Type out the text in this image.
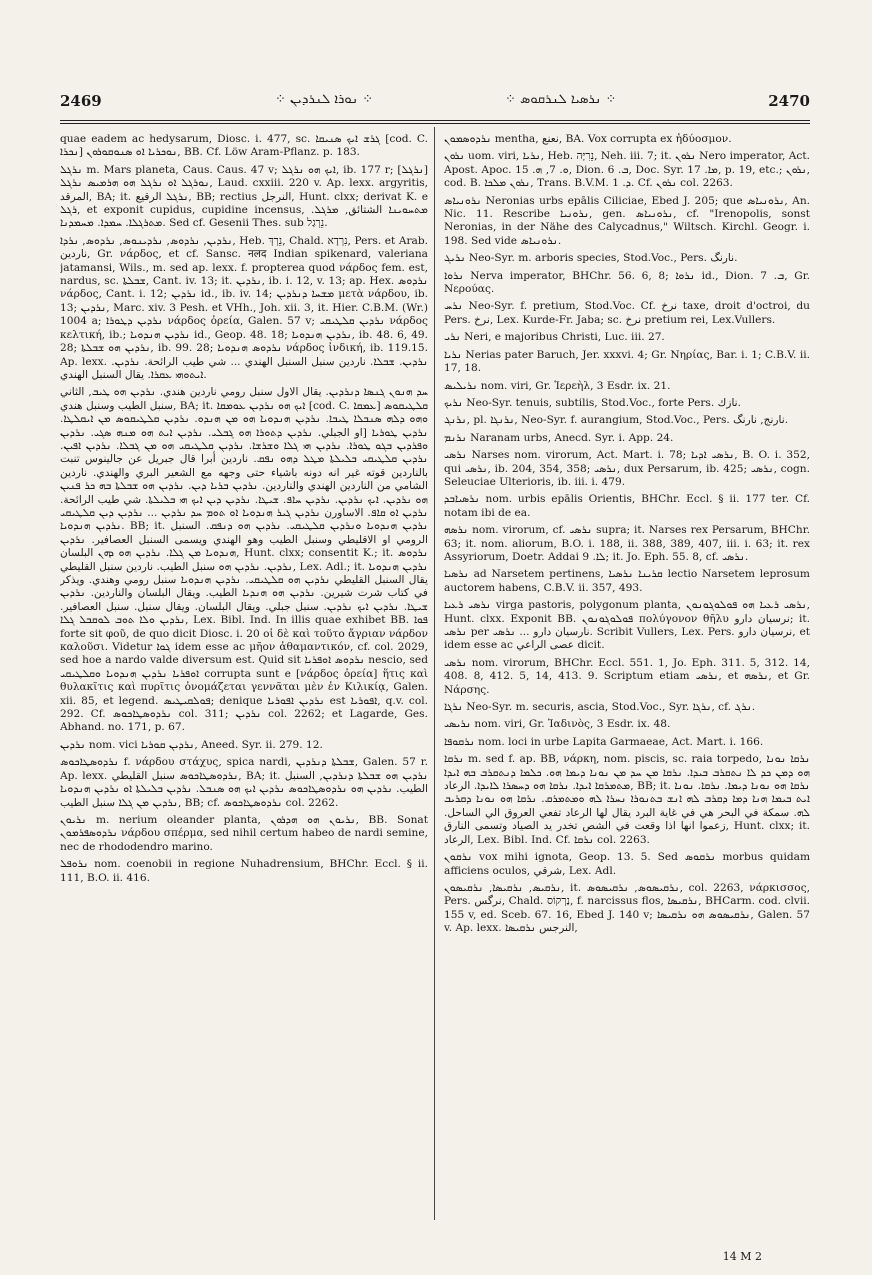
2469	⁘ ܢܘܪܐ ܠܢܪܕܝܢ ⁘	⁘ ܢܪܣܝܐ ܠܢܪܩܘܣ ⁘	2470

quae eadem ac hedysarum, Diosc. i. 477, sc. ܓܪܫ ܐܝܟ ܣܢܝܩܐ [cod. C. ܢܟܪܐ] ܢܘܟܪܝܐ ܐܘ ܣܢܘܩܘܪܘܢ, BB. Cf. Löw Aram-Pflanz. p. 183.

ܢܪܓܠ m. Mars planeta, Caus. Caus. 47 v; ܐܝܟ ܗܘ ܢܪܓܠ, ib. 177 r; [ܢܪܓܠ] ܢܘܪܓܠ ܐܘ ܢܪܓܠ ܗܘ ܗܪܡܝܣ ܢܪܓܠ, Laud. cxxiii. 220 v. Ap. lexx. argyritis, المرقد, BA; it. ܢܪܓܠ الرقيع, BB; rectius النرجل, Hunt. clxx; derivat K. e ܪܓܠ, et exponit cupidus, cupidine incensus, ܡܬܚܘܝܢܐ الشتائق, ܡܪܓܠ. ܡܬܪܓܠܐ. ܚܡܕܐ. ܡܚܡܕܢܐ. Sed cf. Gesenii Thes. sub נֵרְגַל.

ܢܪܕܝܢ, ܢܪܕܘܣ, ܢܪܕܝܢܘܣ, ܢܪܕܘܣ, ܢܪܕܐ, Heb. נֵרְדְּ, Chald. נִרְדָא, Pers. et Arab. ناردين, Gr. νάρδος, et cf. Sansc. नलद Indian spikenard, valeriana jatamansi, Wils., m. sed ap. lexx. f. propterea quod νάρδος fem. est, nardus, sc. ܫܒܠܬܐ, Cant. iv. 13; it. ܢܪܕܝܢ, ib. i. 12, v. 13; ap. Hex. ܢܪܕܘܣ νάρδος, Cant. i. 12; ܢܪܕܝܢ id., ib. iv. 14; ܡܫܚܐ ܕܢܪܕܝܢ μετὰ νάρδου, ib. 13; ܢܪܕܝܢ, Marc. xiv. 3 Pesh. et VHh., Joh. xii. 3, it. Hier. C.B.M. (Wr.) 1004 a; ܢܪܕܝܢ ܕܛܘܪܐ νάρδος ὀρεία, Galen. 57 v; ܢܪܕܝܢ ܩܠܛܝܩܝ νάρδος κελτική, ib.; ܢܪܕܝܢ ܗܢܕܘܝܐ id., Geop. 48. 18; ܢܪܕܝܢ ܗܢܕܘܝܐ, ib. 48. 6, 49. 28; ܢܪܕܝܢ ܗܘ ܫܒܠܬܐ, ib. 99. 28; ܢܪܕܘܣ ܗܢܕܘܝܐ νάρδος ἰνδική, ib. 119.15. Ap. lexx. ܢܪܕܝܢ. ܫܒܠܐ. ناردين سنبل السنبل الهندي ... شي طيب الرائحة. ܢܪܕܝܢ. ܐܝܬܘܗܝ ܥܩܪܐ. يقال السنبل الهندي.

ܚܕ ܗܢܘܢ ܓܢܣܐ ܕܢܪܕܝܢ. يقال الاول سنبل رومي ناردين هندي. ܢܪܕܝܢ ܗܘ ܛܝܒ, الثاني سنبل الطيب وسنبل هندي, BA; it. ܐܝܟ ܗܘ ܢܪܕܝܢ ܥܘܡܩܐ [cod. C. ܥܡܩܐ] ܩܠܛܝܩܘܣ ܘܗܘ ܕܠܗ ܣܢܒܠܐ ܛܝܒܐ. ܢܪܕܝܢ ܗܢܕܘܝܐ ܗܘ ܡܢ ܗܢܕܘ. ܢܪܕܝܢ ܩܠܛܝܩܘܣ ܡܢ ܐܝܩܠܛܐ. ܢܪܕܝܢ ܛܘܪܝܐ [او الجبلي. ܢܪܕܝܢ ܕܬܘܪܐ ܗܘ ܓܒܠܝ. ܢܪܕܝܢ ܐܝܬ ܗܘ ܡܢܗ ܣܓܝ. ܢܪܕܝܢ ܘܦܪܕܝܢ ܒܓܘ ܛܘܪܐ. ܢܪܕܝܢ ܗܝ ܓܠܐ ܘܫܪܫܐ. ܢܪܕܝܢ ܩܠܛܝܩܝ ܗܘ ܡܢ ܓܒܠܐ. ܢܪܕܝܢ ܐܦܝܢ. ܢܪܕܝܢ ܩܠܛܝܩܝ ܒܠܝܠܬܐ ܡܛܠ ܕܗܘ ܢܦܩ. ناردين أبرا قال جبريل عن جالينوس تنبت بالناردين قوته غير انه دونه باشياء حتى وجهه مع الشعير البري والهندي. ناردين الشامي من الناردين الهندي والناردين. ܢܪܕܝܢ ܒܪܝܐ ܕܝܢ. ܢܪܕܝܢ ܗܘ ܫܒܠܬܐ ܒܗ ܟܪ ܦܢܝܢ ܗܘ ܢܪܕܝܢ. ܐܝܟ ܢܪܕܝܢ. ܢܪܕܝܢ ܚܐܦ. ܫܝܛܐ. ܢܪܕܝܢ ܕܝܢ ܐܝܟ ܗܝ ܒܠܝܠܬܐ. شي طيب الرائحة. ܢܪܕܝܢ ܐܘ ܩܐܦ. الاساورن ܢܪܕܝܢ ܓܝܪ ܗܢܕܘܝܐ ܐܘ ܬܘܡ ܚܕ ܢܪܕܝܢ ... ܢܪܕܝܢ ܕܝܢ ܩܠܛܝܩܝ ܢܪܕܝܢ ܗܢܕܘܝܐ. BB; it. ܢܪܕܝܢ ܗܢܕܘܝܐ ܘܢܪܕܝܢ ܩܠܛܝܩܝ. ܢܪܕܝܢ ܗܘ ܕܢܦܩ. السنبل الرومي او الاقليطي وسنبل الطيب وهو الهندي ويسمى السنبل العصافير. ܢܪܕܝܢ ܗܢܕܘܝܐ ܡܢ ܓܠܐ. ܢܪܕܝܢ ܗܘ ܕܗܢ البلسان, Hunt. clxx; consentit K.; it. ܢܪܕܘܣ ܢܪܕܝܢ. ܢܪܕܝܢ ܗܘ سنبل الطيب. ناردين سنبل القليطي, Lex. Adl.; it. ܢܪܕܝܢ ܗܢܕܘܝܐ يقال السنبل القليطي ܢܪܕܝܢ ܗܘ ܩܠܛܝܩܝ. ܢܪܕܝܢ ܗܢܕܘܝܐ سنبل رومي وهندي. ويذكر في كتاب شرت شيرين. ܢܪܕܝܢ ܗܘ ܗܢܕܝܐ الطيب. ويقال البلسان والناردين. ܢܪܕܝܢ ܫܝܛܐ. ܢܪܕܝܢ ܐܝܟ ܢܪܕܝܢ. سنبل جبلي. ويقال البلسان. ويقال سنبل. سنبل العصافير. ܢܪܕܝܢ ܘܠܐ ܬܘܒ ܠܘܩܒܠ ܓܠܐ, Lex. Bibl. Ind. In illis quae exhibet BB. ܦܘܐ forte sit φοῦ, de quo dicit Diosc. i. 20 οἱ δὲ καὶ τοῦτο ἄγριαν νάρδον καλοῦσι. Videtur ܓܘܐ idem esse ac μῆον ἀθαμαντικόν, cf. col. 2029, sed hoe a nardo valde diversum est. Quid sit ܢܪܕܘܣ ܐܘܦܪܝܐ nescio, sed ܐܘܦܪܝܐ ܢܪܕܝܢ ܗܢܕܘܝܐ ܘܩܠܛܝܩܝ corrupta sunt e [νάρδος ὀρεία] ἥτις καὶ θυλακῖτις καὶ πυρῖτις ὀνομάζεται γεννᾶται μὲν ἐν Κιλικίᾳ, Galen. xii. 85, et legend. ܦܘܠܩܝܛܝܣ; denique ܢܪܕܝܢ ܐܦܘܪܝܐ est ܐܦܘܪܝܐ, q.v. col. 292. Cf. ܢܪܕܘܣܛܐܟܘܣ col. 311; ܢܪܕܝܢ col. 2262; et Lagarde, Ges. Abhand. no. 171, p. 67.

ܢܪܕܝܢ nom. vici ܢܪܕܝܢ ܩܘܪܝܐ, Aneed. Syr. ii. 279. 12.

ܢܪܕܘܣܛܐܟܘܣ f. νάρδου στάχυς, spica nardi, ܫܒܠܬܐ ܕܢܪܕܝܢ, Galen. 57 r. Ap. lexx. ܢܪܕܘܣܛܐܟܘܣ سنبل القليطي, BA; it. ܢܪܕܝܢ ܗܘ ܫܒܠܬܐ ܕܢܪܕܝܢ, السنبل الطيب. ܢܪܕܝܢ ܗܘ ܢܪܕܘܣܛܐܟܘܣ ܢܪܕܝܢ ܐܝܟ ܗܘ ܣܢܒܠ. ܢܪܕܝܢ ܒܠܝܠܬܐ ܐܘ ܢܪܕܝܢ ܗܢܕܘܝܐ ܢܪܕܝܢ ܡܢ ܓܠܐ سنبل الطيب, BB; cf. ܢܪܕܘܣܛܐܟܘܣ col. 2262.

ܢܪܝܘܢ m. nerium oleander planta, ܢܪܝܘܢ ܗܘ ܗܕܪܘܢ, BB. Sonat ܢܪܕܘܣܦܪܡܘܢ νάρδου σπέρμα, sed nihil certum habeo de nardi semine, nec de rhododendro marino.

ܢܪܘܦܠ nom. coenobii in regione Nuhadrensium, BHChr. Eccl. § ii. 111, B.O. ii. 416.

ܢܪܕܘܣܡܘܢ mentha, نعنع, BA. Vox corrupta ex ἡδύοσμον.

ܢܪܘܢ uom. viri, ܢܪܝܐ, Heb. נֵרִיָּה, Neh. iii. 7; it. ܢܪܘܢ Nero imperator, Act. Apost. Apoc. ܘ. 7, ܗ. 15, Dion. ܒ. 6, Doc. Syr. ܡܐ. 17, p. 19, etc.; ܢܪܘܢ, cod. B. ܢܪܘܢ ܡܠܟܐ, Trans. B.V.M. ܕ. 1. Cf. ܢܪܘܢ col. 2263.

ܢܪܘܢܝܐܣ Neronias urbs epālis Ciliciae, Ebed J. 205; que ܢܪܘܢܝܐܣ, An. Nic. 11. Rescribe ܢܪܘܢܝܐ, gen. ܢܪܘܢܝܐܣ, cf. "Irenopolis, sonst Neronias, in der Nähe des Calycadnus," Wiltsch. Kirchl. Geogr. i. 198. Sed vide ܢܪܘܢܝܐܣ.

ܢܪܝܓ Neo-Syr. m. arboris species, Stod.Voc., Pers. نارنگ.

ܢܪܘܐ Nerva imperator, BHChr. 56. 6, 8; ܢܪܘܐ id., Dion. ܒ. 7, Gr. Νερούας.

ܢܪܚ Neo-Syr. f. pretium, Stod.Voc. Cf. نرخ taxe, droit d'octroi, du Pers. نرخ, Lex. Kurde-Fr. Jaba; sc. نرخ pretium rei, Lex.Vullers.

ܢܪܝ Neri, e majoribus Christi, Luc. iii. 27.

ܢܪܝܐ Nerias pater Baruch, Jer. xxxvi. 4; Gr. Νηρίας, Bar. i. 1; C.B.V. ii. 17, 18.

ܢܪܝܠܝܣ nom. viri, Gr. Ἱερεὴλ, 3 Esdr. ix. 21.

ܢܪܝܟ Neo-Syr. tenuis, subtilis, Stod.Voc., forte Pers. نازك.

ܢܪܢܓ, pl. ܢܪܢܓܐ, Neo-Syr. f. aurangium, Stod.Voc., Pers. نارنج, نارنگ.

ܢܪܢܡ Naranam urbs, Anecd. Syr. i. App. 24.

ܢܪܣܝ Narses nom. virorum, Act. Mart. i. 78; ܢܪܣܝ ܐܕܝܐ, B. O. i. 352, qui ܢܪܣܝ, ib. 204, 354, 358; ܢܪܣܝ, dux Persarum, ib. 425; ܢܪܣܝ, cogn. Seleuciae Ulterioris, ib. iii. i. 479.

ܢܪܣܝܐܒܕ nom. urbis epālis Orientis, BHChr. Eccl. § ii. 177 ter. Cf. notam ibi de ea.

ܢܪܣܗ nom. virorum, cf. ܢܪܣܝ supra; it. Narses rex Persarum, BHChr. 63; it. nom. aliorum, B.O. i. 188, ii. 388, 389, 407, iii. i. 63; it. rex Assyriorum, Doetr. Addai ܠܐ. 9; it. Jo. Eph. 55. 8, cf. ܢܪܣܝ.

ܢܪܣܝܐ ad Narsetem pertinens, ܩܪܝܢܐ ܢܪܣܝܐ lectio Narsetem leprosum auctorem habens, C.B.V. ii. 357, 493.

ܢܪܣܝ ܪܥܝܐ virga pastoris, polygonum planta, ܢܪܣܝ ܪܥܝܐ ܗܘ ܦܘܠܘܓܘܢܘܢ, Hunt. clxx. Exponit BB. ܦܘܠܘܓܘܢܘܢ πολύγονον θῆλυ نرسيان دارو; it. ܢܪܣܝ per نارسيان دارو ... ܢܪܣܝ. Scribit Vullers, Lex. Pers. نرسيان دارو, et idem esse ac عصى الراعي dicit.

ܢܪܣܝ nom. virorum, BHChr. Eccl. 551. 1, Jo. Eph. 311. 5, 312. 14, 408. 8, 412. 5, 14, 413. 9. Scriptum etiam ܢܪܣܝ, et ܢܪܣܗ, et Gr. Νάρσης.

ܢܪܓܐ Neo-Syr. m. securis, ascia, Stod.Voc., Syr. ܢܪܓܐ, cf. ܢܪܓ.

ܢܪܝܣܝ nom. viri, Gr. Ἰαδινὸς, 3 Esdr. ix. 48.

ܢܪܩܘܦܐ nom. loci in urbe Lapita Garmaeae, Act. Mart. i. 166.

ܢܪܩܐ m. sed f. ap. BB, νάρκη, nom. piscis, sc. raia torpedo, ܢܪܩܐ ܢܘܢܐ ܗܘ ܕܡܢ ܟܕ ܠܐ ܢܬܩܪܒ ܒܝܕܐ. ܢܪܩܐ ܡܢ ܚܕ ܡܢ ܢܘܢܐ ܕܝܡܐ ܗܘ. ܟܠܡܐ ܕܢܬܩܪܒ ܒܗ ܐܝܕܐ ܡܬܡܪܩܐ ܐܝܕܐ. ܢܪܩܐ ܗܘ ܕܚܣܪܐ ܠܐܝܕܐ. الرعاد, BB; it. ܢܪܩܐ ܗܘ ܢܘܢܐ ܕܝܡܐ. ܢܪܩܐ. ܢܘܢܐ ܐܝܬ ܒܝܡܐ ܗܢܐ ܕܡܐ ܕܩܪܒ ܠܗ ܐܢܫ ܒܬܢܘܪܐ ܢܚܪܐ ܠܗ ܘܡܬܡܪܩ. ܢܪܩܐ ܗܘ ܢܘܢܐ ܕܩܪܝܒ ܠܗ. سمكة في البحر هي في غاية البرد يقال لها الرعاد تفعي العروق الي الساحل. زعموا انها اذا وقعت في الشص تخدر يد الصياد وتسمى النارق, Hunt. clxx; it. الرعاد, Lex. Bibl. Ind. Cf. ܢܪܩܐ col. 2263.

ܢܪܩܘܢ vox mihi ignota, Geop. 13. 5. Sed ܢܪܩܘܣ morbus quidam afficiens oculos, شرقي, Lex. Adl.

ܢܪܩܝܣ, ܢܪܩܝܣܐ, ܢܪܩܝܣܘܢ, it. ܢܪܩܝܣܘܣ, ܢܪܩܝܣܘܣ, col. 2263, νάρκισσος, Pers. نرگس, Chald. נַרְקוֹס, f. narcissus flos, ܢܪܩܝܣܐ, BHCarm. cod. clvii. 155 v, ed. Sceb. 67. 16, Ebed J. 140 v; ܢܪܩܝܣܘܣ ܗܘ ܢܪܩܝܣܐ, Galen. 57 v. Ap. lexx. النرجس ܢܪܩܝܣܐ,

14 M 2
